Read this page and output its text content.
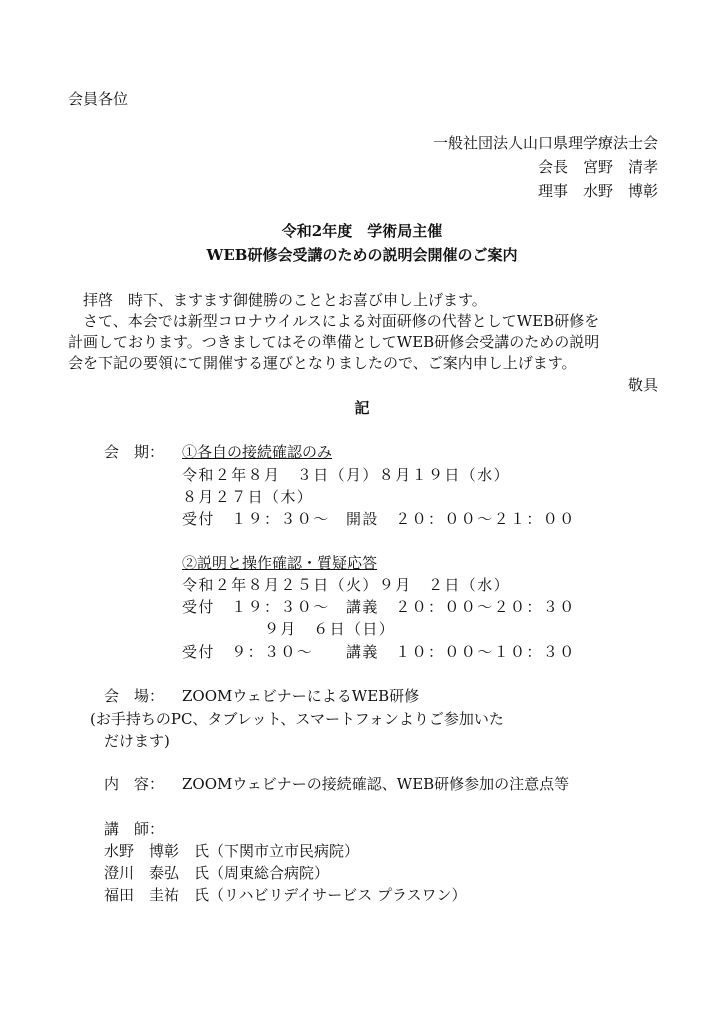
会員各位
一般社団法人山口県理学療法士会
会長　宮野　清孝
理事　水野　博彰
令和2年度　学術局主催
WEB研修会受講のための説明会開催のご案内
　拝啓　時下、ますます御健勝のこととお喜び申し上げます。
　さて、本会では新型コロナウイルスによる対面研修の代替としてWEB研修を
計画しております。つきましてはその準備としてWEB研修会受講のための説明
会を下記の要領にて開催する運びとなりましたので、ご案内申し上げます。
敬具
記
会　期： ①各自の接続確認のみ
令和２年８月　３日（月）８月１９日（水）
８月２７日（木）
受付　１９：３０～　開設　２０：００～２１：００
②説明と操作確認・質疑応答
令和２年８月２５日（火）９月　２日（水）
受付　１９：３０～　講義　２０：００～２０：３０
９月　６日（日）
受付　９：３０～　　講義　１０：００～１０：３０
会　場： ZOOMウェビナーによるWEB研修
(お手持ちのPC、タブレット、スマートフォンよりご参加いた
だけます)
内　容： ZOOMウェビナーの接続確認、WEB研修参加の注意点等
講　師：
水野　博彰　氏（下関市立市民病院）
澄川　泰弘　氏（周東総合病院）
福田　圭祐　氏（リハビリデイサービス プラスワン）
